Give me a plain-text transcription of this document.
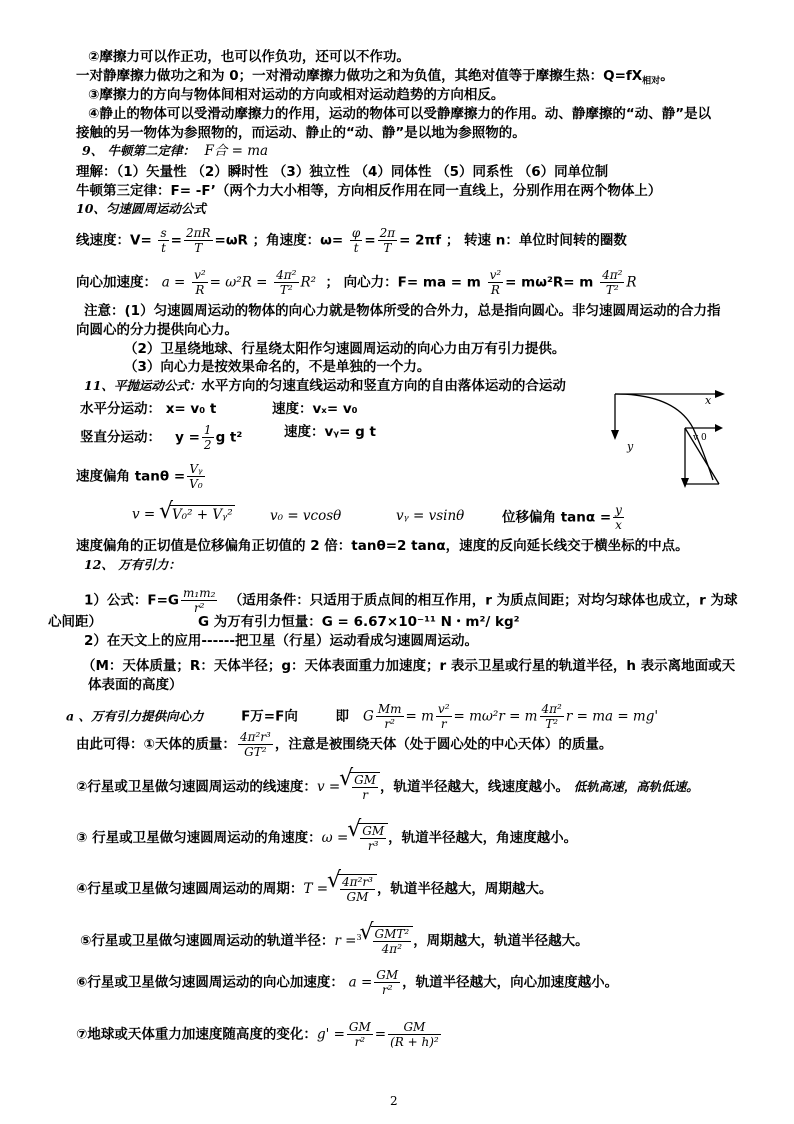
②摩擦力可以作正功，也可以作负功，还可以不作功。
一对静摩擦力做功之和为 0；一对滑动摩擦力做功之和为负值，其绝对值等于摩擦生热：$Q=fX_{相对}$。
③摩擦力的方向与物体间相对运动的方向或相对运动趋势的方向相反。
④静止的物体可以受滑动摩擦力的作用，运动的物体可以受静摩擦力的作用。动、静摩擦的“动、静”是以
接触的另一物体为参照物的，而运动、静止的“动、静”是以地为参照物的。
9、 牛顿第二定律： F合 = ma
理解：（1）矢量性 （2）瞬时性 （3）独立性 （4）同体性 （5）同系性 （6）同单位制
牛顿第三定律：F= -F’（两个力大小相等，方向相反作用在同一直线上，分别作用在两个物体上）
10、匀速圆周运动公式
线速度：$V= \frac{s}{t} = \frac{2\pi R}{T} =\omega R$ ；角速度：$\omega= \frac{\varphi}{t} = \frac{2\pi}{T} = 2\pi f$ ； 转速 n：单位时间转的圈数
向心加速度： $a = \frac{\text{v²}}{R} = \omega^2R = \frac{\text{4π²}}{\text{T²}} R^2$ ； 向心力：F= ma = m $\frac{\text{v²}}{R} = m\omega^2R= m \frac{\text{4π²}}{\text{T²}}$ R
注意：(1）匀速圆周运动的物体的向心力就是物体所受的合外力，总是指向圆心。非匀速圆周运动的合力指
向圆心的分力提供向心力。
（2）卫星绕地球、行星绕太阳作匀速圆周运动的向心力由万有引力提供。
（3）向心力是按效果命名的，不是单独的一个力。
11、平抛运动公式：水平方向的匀速直线运动和竖直方向的自由落体运动的合运动
水平分运动： x= v₀ t	速度：vₓ= v₀
竖直分运动： $y = \frac{1}{2}$ g t²	速度：vᵧ= g t
x
y
v 0
速度偏角 $\tan\theta = \frac{\text{Vᵧ}}{\text{V₀}}$
v = √ V₀² + Vᵧ²	v₀ = vcosθ	vᵧ = vsinθ	位移偏角 $\tan\alpha = \frac{y}{x}$
速度偏角的正切值是位移偏角正切值的 2 倍：tanθ=2 tanα，速度的反向延长线交于横坐标的中点。
12、 万有引力：
1）公式：$F=G \frac{\text{m₁m₂}}{\text{r²}}$ （适用条件：只适用于质点间的相互作用，r 为质点间距；对均匀球体也成立，r 为球
心间距）	G 为万有引力恒量：G = 6.67×10⁻¹¹ N・m²/ kg²
2）在天文上的应用------把卫星（行星）运动看成匀速圆周运动。
（M：天体质量；R：天体半径；g：天体表面重力加速度；r 表示卫星或行星的轨道半径，h 表示离地面或天
体表面的高度）
a 、万有引力提供向心力	F万=F向	即 G $\frac{Mm}{\text{r²}} = m \frac{\text{v²}}{r} = m\omega^2r = m \frac{\text{4π²}}{\text{T²}}$ r = ma = mg'
由此可得：①天体的质量： $\frac{\text{4π²r³}}{\text{GT²}}$ ，注意是被围绕天体（处于圆心处的中心天体）的质量。
②行星或卫星做匀速圆周运动的线速度：v = √ $\frac{GM}{r}$ ，轨道半径越大，线速度越小。 低轨高速，高轨低速。
③ 行星或卫星做匀速圆周运动的角速度：ω = √ $\frac{GM}{\text{r³}}$ ，轨道半径越大，角速度越小。
④行星或卫星做匀速圆周运动的周期：T = √ $\frac{\text{4π²r³}}{GM}$ ，轨道半径越大，周期越大。
⑤行星或卫星做匀速圆周运动的轨道半径：r = √ $\frac{\text{GMT²}}{\text{4π²}}$
3 ，周期越大，轨道半径越大。
⑥行星或卫星做匀速圆周运动的向心加速度： $a = \frac{GM}{\text{r²}}$ ，轨道半径越大，向心加速度越小。
⑦地球或天体重力加速度随高度的变化：$g' = \frac{GM}{\text{r²}} = \frac{GM}{\text{(R + h)²}}$
2
